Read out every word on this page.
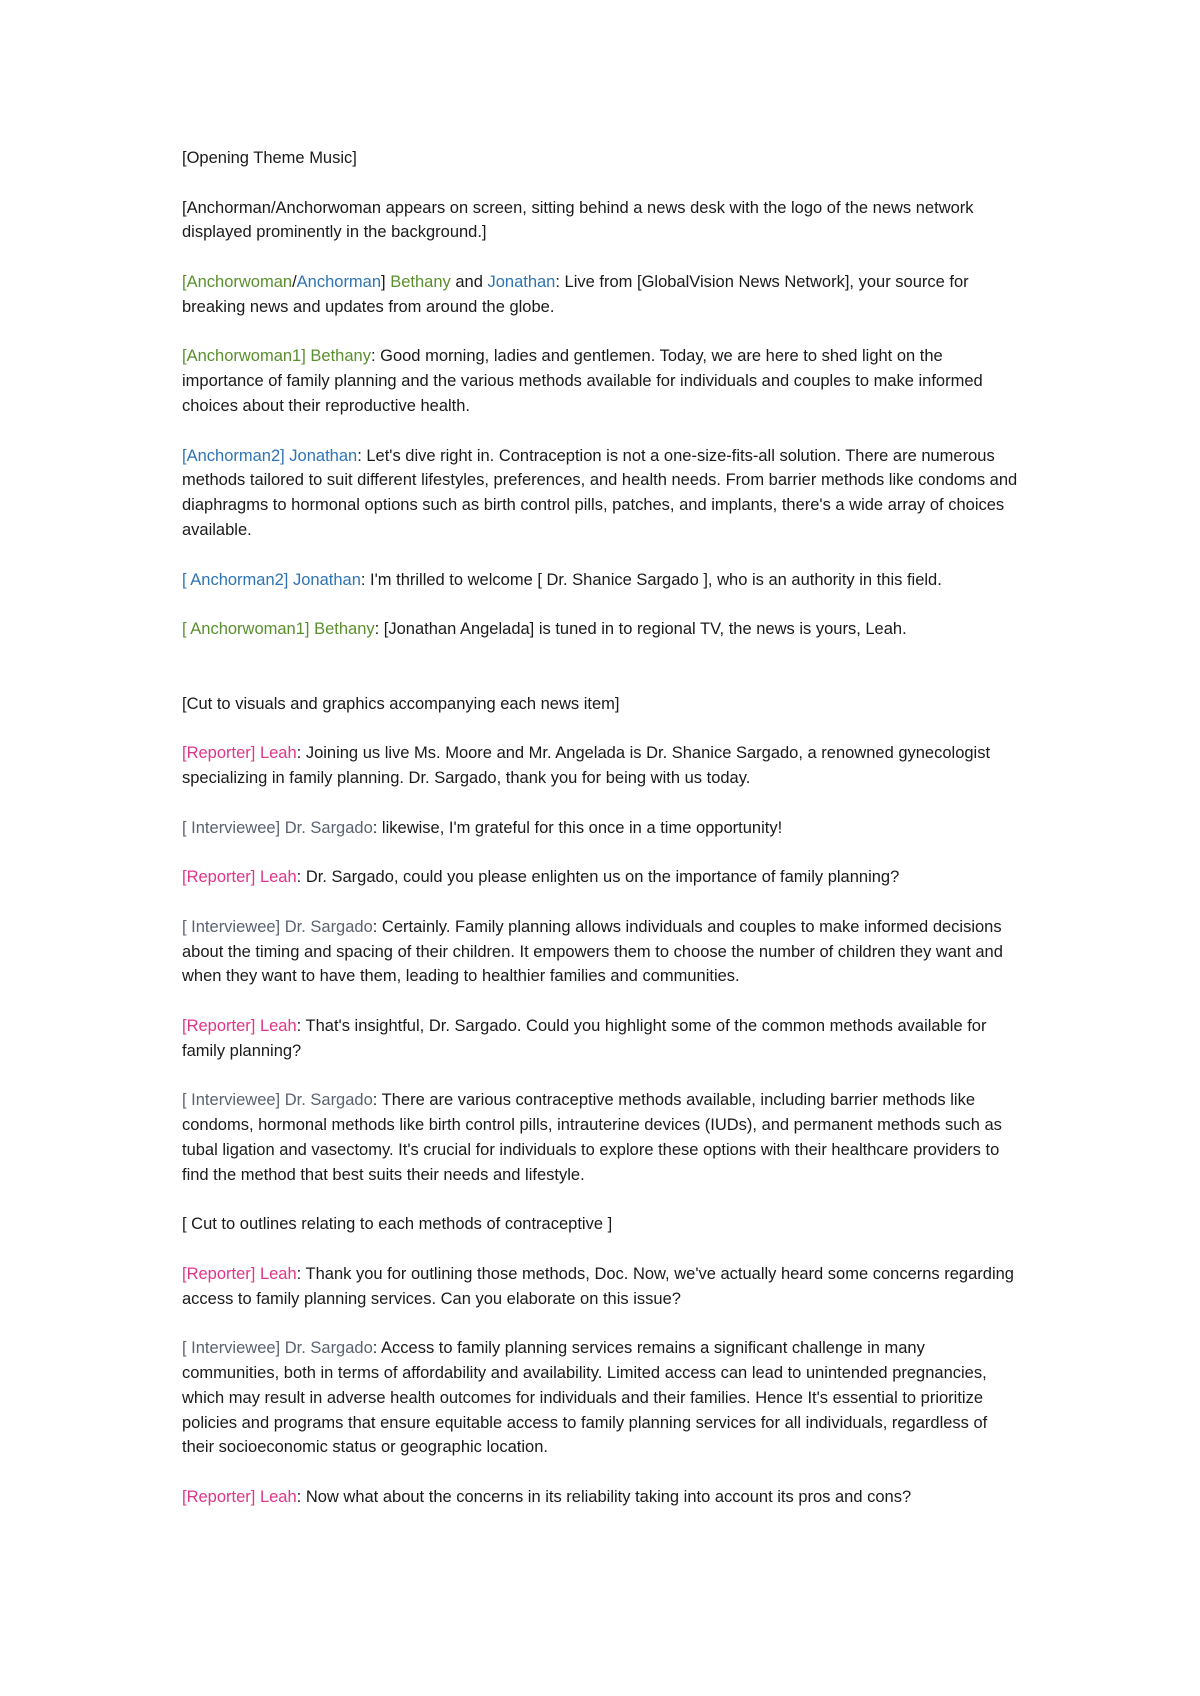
[Opening Theme Music]

[Anchorman/Anchorwoman appears on screen, sitting behind a news desk with the logo of the news network displayed prominently in the background.]

[Anchorwoman/Anchorman] Bethany and Jonathan: Live from [GlobalVision News Network], your source for breaking news and updates from around the globe.

[Anchorwoman1] Bethany: Good morning, ladies and gentlemen. Today, we are here to shed light on the importance of family planning and the various methods available for individuals and couples to make informed choices about their reproductive health.

[Anchorman2] Jonathan: Let's dive right in. Contraception is not a one-size-fits-all solution. There are numerous methods tailored to suit different lifestyles, preferences, and health needs. From barrier methods like condoms and diaphragms to hormonal options such as birth control pills, patches, and implants, there's a wide array of choices available.

[ Anchorman2] Jonathan: I'm thrilled to welcome [ Dr. Shanice Sargado ], who is an authority in this field.

[ Anchorwoman1] Bethany: [Jonathan Angelada] is tuned in to regional TV, the news is yours, Leah.

[Cut to visuals and graphics accompanying each news item]

[Reporter] Leah: Joining us live Ms. Moore and Mr. Angelada is Dr. Shanice Sargado, a renowned gynecologist specializing in family planning. Dr. Sargado, thank you for being with us today.

[ Interviewee] Dr. Sargado: likewise, I'm grateful for this once in a time opportunity!

[Reporter] Leah: Dr. Sargado, could you please enlighten us on the importance of family planning?

[ Interviewee] Dr. Sargado: Certainly. Family planning allows individuals and couples to make informed decisions about the timing and spacing of their children. It empowers them to choose the number of children they want and when they want to have them, leading to healthier families and communities.

[Reporter] Leah: That's insightful, Dr. Sargado. Could you highlight some of the common methods available for family planning?

[ Interviewee] Dr. Sargado: There are various contraceptive methods available, including barrier methods like condoms, hormonal methods like birth control pills, intrauterine devices (IUDs), and permanent methods such as tubal ligation and vasectomy. It's crucial for individuals to explore these options with their healthcare providers to find the method that best suits their needs and lifestyle.

[ Cut to outlines relating to each methods of contraceptive ]

[Reporter] Leah: Thank you for outlining those methods, Doc. Now, we've actually heard some concerns regarding access to family planning services. Can you elaborate on this issue?

[ Interviewee] Dr. Sargado: Access to family planning services remains a significant challenge in many communities, both in terms of affordability and availability. Limited access can lead to unintended pregnancies, which may result in adverse health outcomes for individuals and their families. Hence It's essential to prioritize policies and programs that ensure equitable access to family planning services for all individuals, regardless of their socioeconomic status or geographic location.

[Reporter] Leah: Now what about the concerns in its reliability taking into account its pros and cons?
